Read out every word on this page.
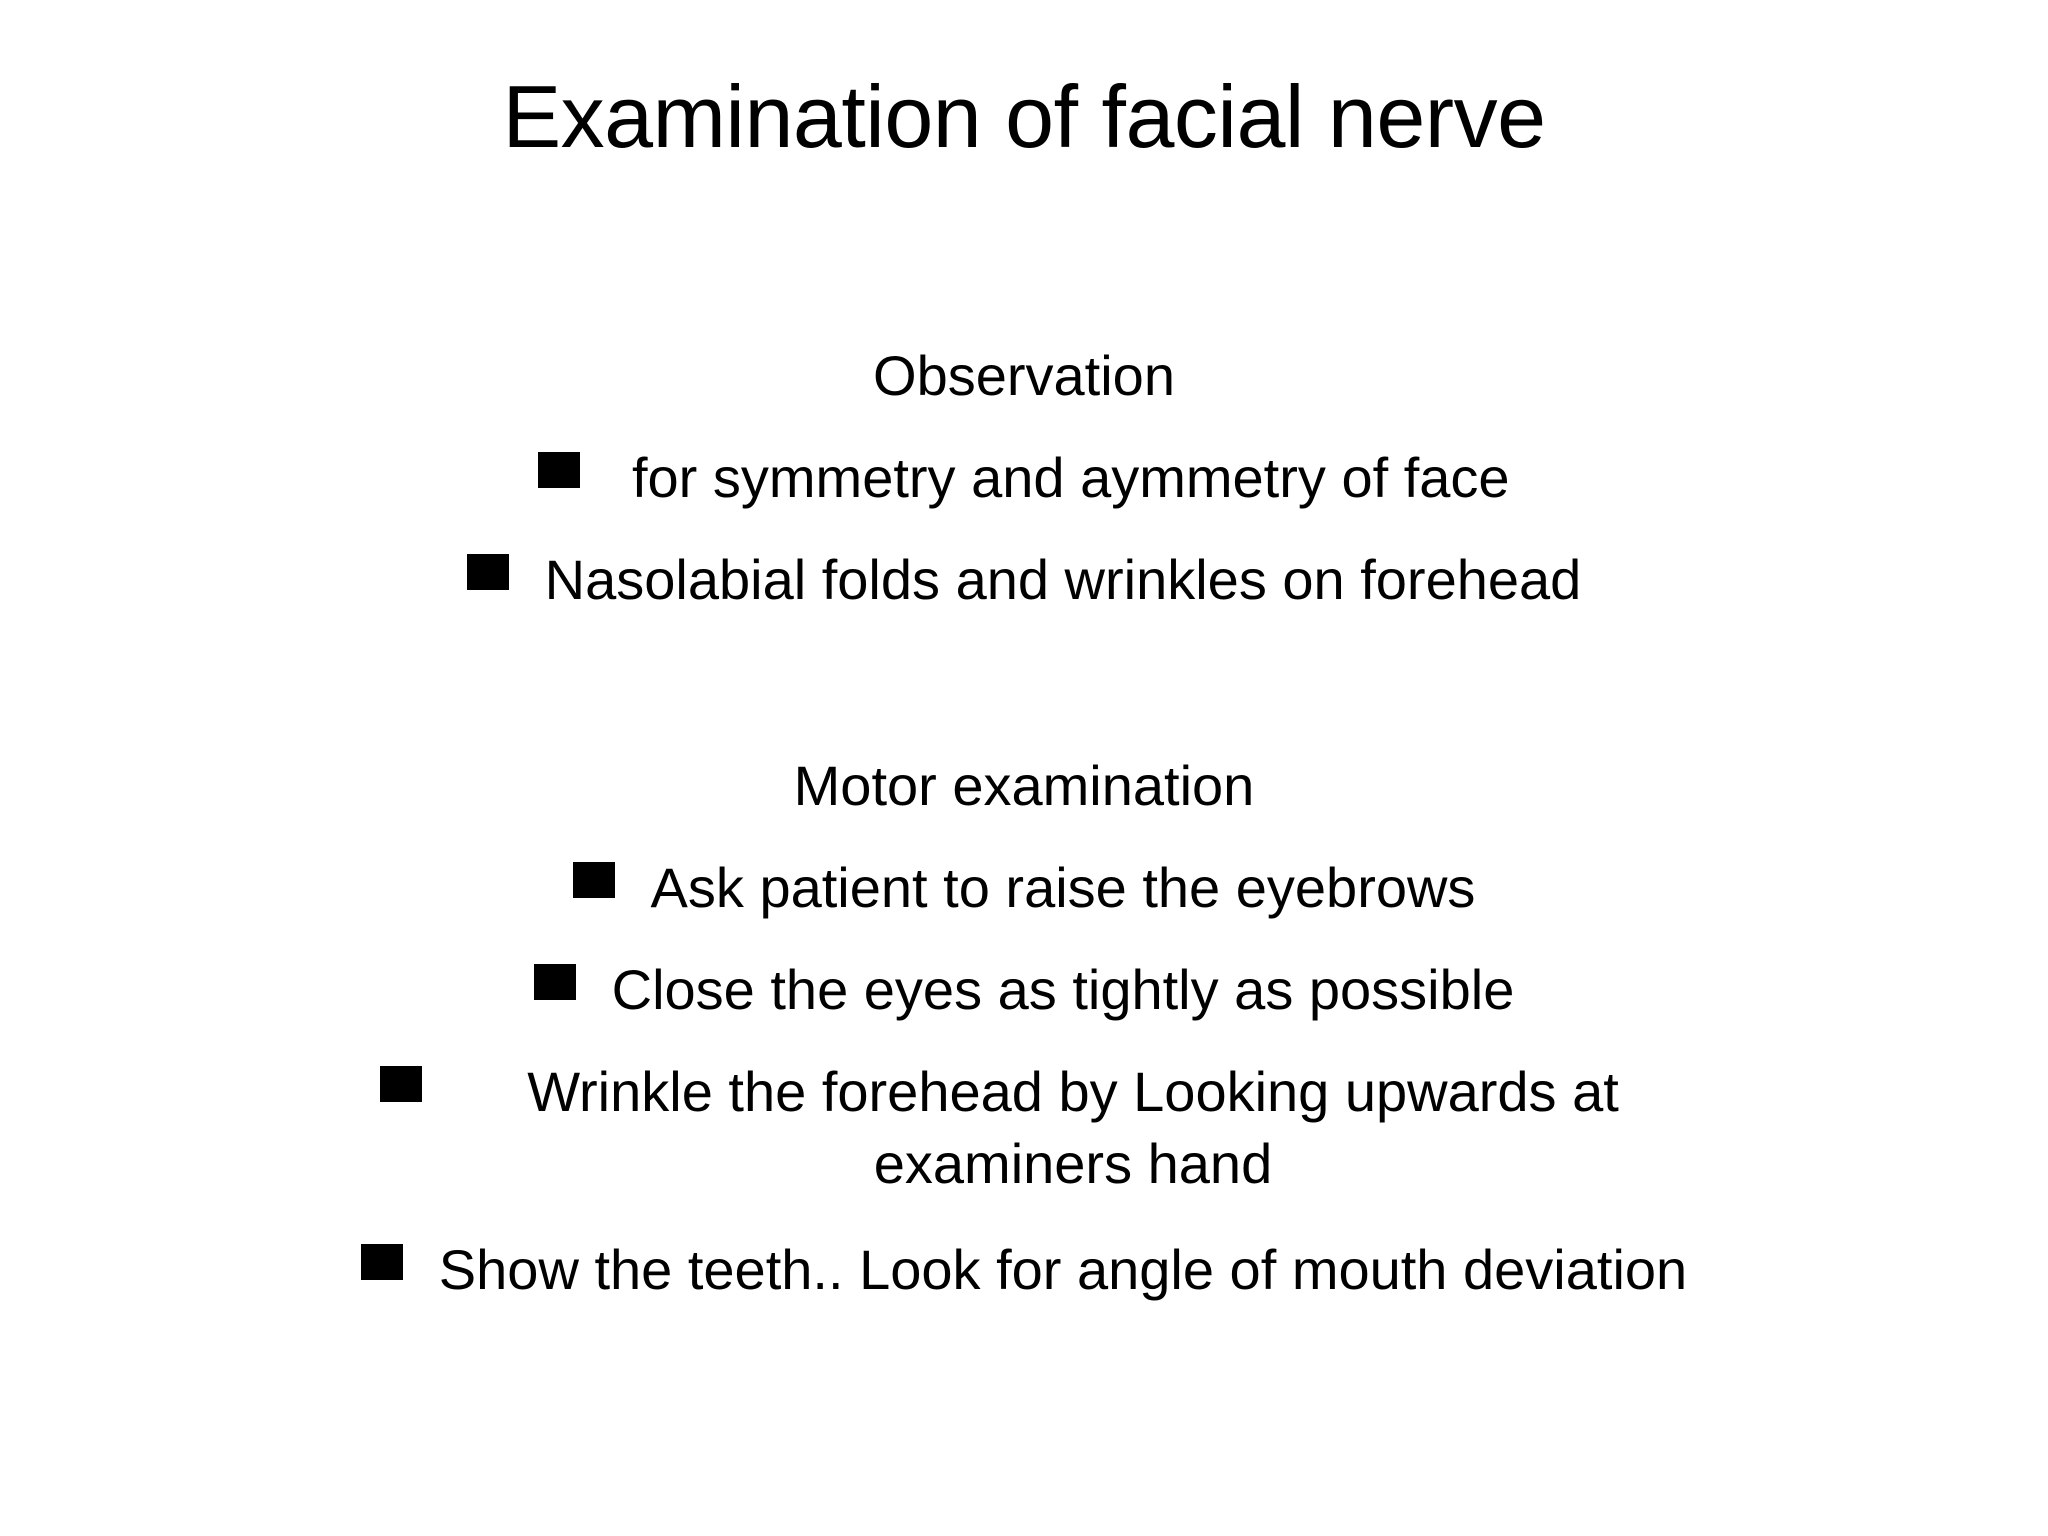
Examination of facial nerve
Observation
for symmetry and aymmetry of face
Nasolabial folds and wrinkles on forehead
Motor examination
Ask patient to raise the eyebrows
Close the eyes as tightly as possible
Wrinkle the forehead by Looking upwards at examiners hand
Show the teeth.. Look for angle of mouth deviation
